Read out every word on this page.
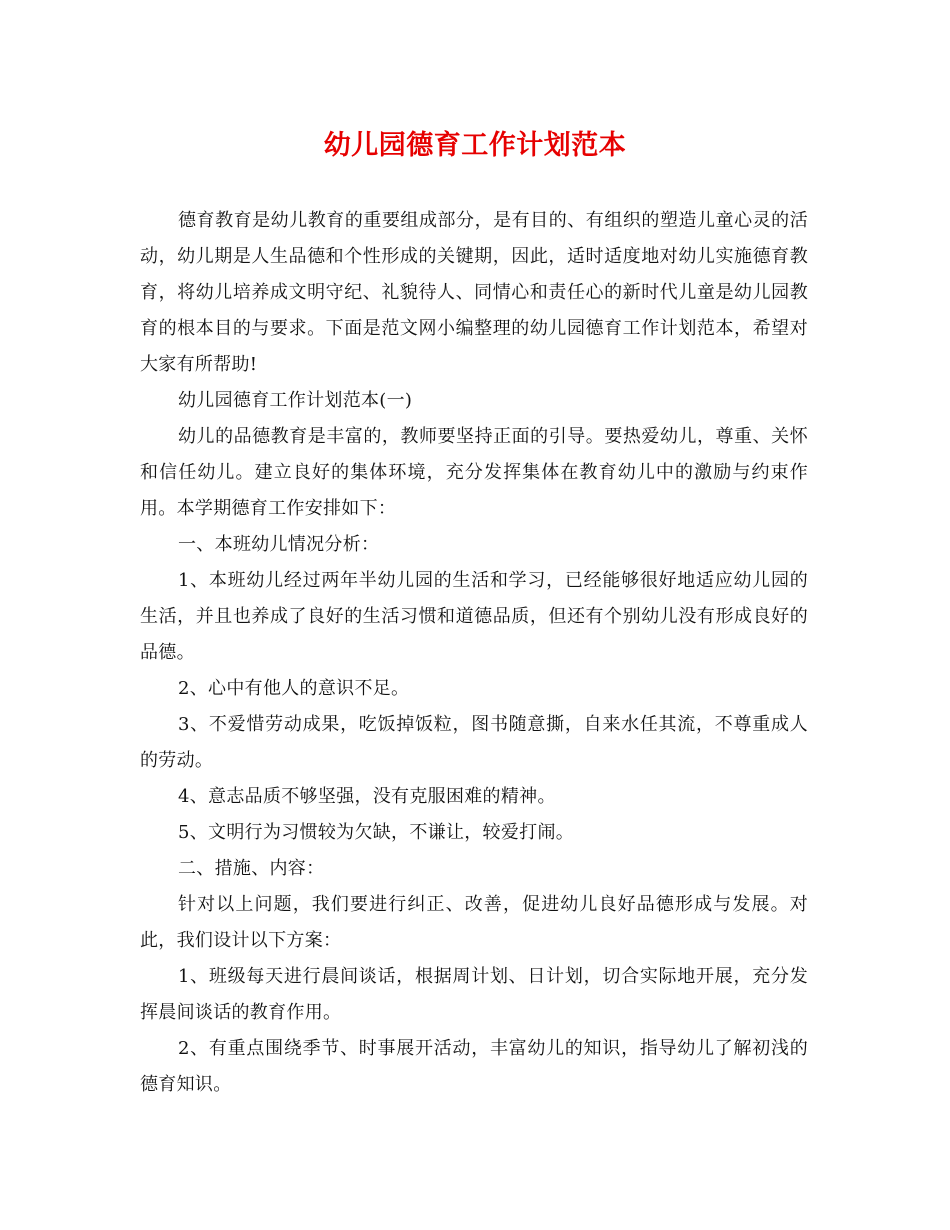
幼儿园德育工作计划范本

德育教育是幼儿教育的重要组成部分，是有目的、有组织的塑造儿童心灵的活动，幼儿期是人生品德和个性形成的关键期，因此，适时适度地对幼儿实施德育教育，将幼儿培养成文明守纪、礼貌待人、同情心和责任心的新时代儿童是幼儿园教育的根本目的与要求。下面是范文网小编整理的幼儿园德育工作计划范本，希望对大家有所帮助!

幼儿园德育工作计划范本(一)

幼儿的品德教育是丰富的，教师要坚持正面的引导。要热爱幼儿，尊重、关怀和信任幼儿。建立良好的集体环境，充分发挥集体在教育幼儿中的激励与约束作用。本学期德育工作安排如下：

一、本班幼儿情况分析：

1、本班幼儿经过两年半幼儿园的生活和学习，已经能够很好地适应幼儿园的生活，并且也养成了良好的生活习惯和道德品质，但还有个别幼儿没有形成良好的品德。

2、心中有他人的意识不足。

3、不爱惜劳动成果，吃饭掉饭粒，图书随意撕，自来水任其流，不尊重成人的劳动。

4、意志品质不够坚强，没有克服困难的精神。

5、文明行为习惯较为欠缺，不谦让，较爱打闹。

二、措施、内容：

针对以上问题，我们要进行纠正、改善，促进幼儿良好品德形成与发展。对此，我们设计以下方案：

1、班级每天进行晨间谈话，根据周计划、日计划，切合实际地开展，充分发挥晨间谈话的教育作用。

2、有重点围绕季节、时事展开活动，丰富幼儿的知识，指导幼儿了解初浅的德育知识。
